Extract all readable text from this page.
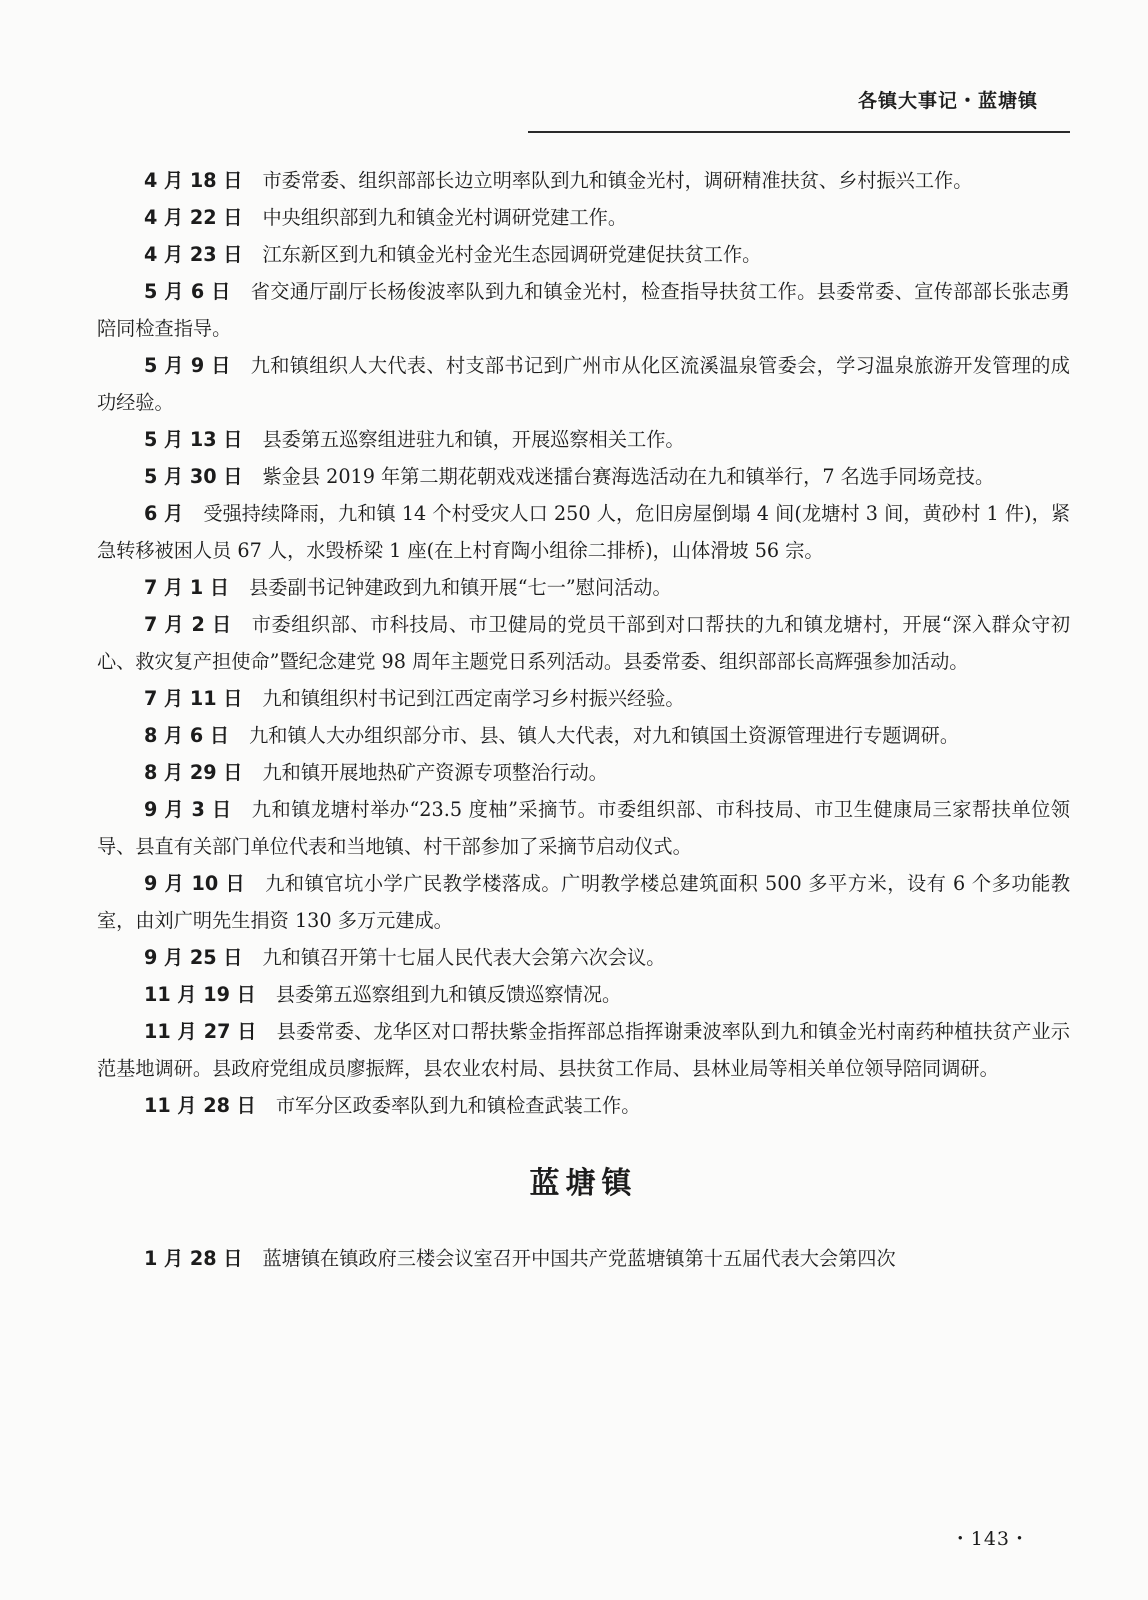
各镇大事记・蓝塘镇

4 月 18 日 市委常委、组织部部长边立明率队到九和镇金光村，调研精准扶贫、乡村振兴工作。

4 月 22 日 中央组织部到九和镇金光村调研党建工作。

4 月 23 日 江东新区到九和镇金光村金光生态园调研党建促扶贫工作。

5 月 6 日 省交通厅副厅长杨俊波率队到九和镇金光村，检查指导扶贫工作。县委常委、宣传部部长张志勇陪同检查指导。

5 月 9 日 九和镇组织人大代表、村支部书记到广州市从化区流溪温泉管委会，学习温泉旅游开发管理的成功经验。

5 月 13 日 县委第五巡察组进驻九和镇，开展巡察相关工作。

5 月 30 日 紫金县 2019 年第二期花朝戏戏迷擂台赛海选活动在九和镇举行，7 名选手同场竞技。

6 月 受强持续降雨，九和镇 14 个村受灾人口 250 人，危旧房屋倒塌 4 间(龙塘村 3 间，黄砂村 1 件)，紧急转移被困人员 67 人，水毁桥梁 1 座(在上村育陶小组徐二排桥)，山体滑坡 56 宗。

7 月 1 日 县委副书记钟建政到九和镇开展“七一”慰问活动。

7 月 2 日 市委组织部、市科技局、市卫健局的党员干部到对口帮扶的九和镇龙塘村，开展“深入群众守初心、救灾复产担使命”暨纪念建党 98 周年主题党日系列活动。县委常委、组织部部长高辉强参加活动。

7 月 11 日 九和镇组织村书记到江西定南学习乡村振兴经验。

8 月 6 日 九和镇人大办组织部分市、县、镇人大代表，对九和镇国土资源管理进行专题调研。

8 月 29 日 九和镇开展地热矿产资源专项整治行动。

9 月 3 日 九和镇龙塘村举办“23.5 度柚”采摘节。市委组织部、市科技局、市卫生健康局三家帮扶单位领导、县直有关部门单位代表和当地镇、村干部参加了采摘节启动仪式。

9 月 10 日 九和镇官坑小学广民教学楼落成。广明教学楼总建筑面积 500 多平方米，设有 6 个多功能教室，由刘广明先生捐资 130 多万元建成。

9 月 25 日 九和镇召开第十七届人民代表大会第六次会议。

11 月 19 日 县委第五巡察组到九和镇反馈巡察情况。

11 月 27 日 县委常委、龙华区对口帮扶紫金指挥部总指挥谢秉波率队到九和镇金光村南药种植扶贫产业示范基地调研。县政府党组成员廖振辉，县农业农村局、县扶贫工作局、县林业局等相关单位领导陪同调研。

11 月 28 日 市军分区政委率队到九和镇检查武装工作。

蓝塘镇

1 月 28 日 蓝塘镇在镇政府三楼会议室召开中国共产党蓝塘镇第十五届代表大会第四次

・143・
